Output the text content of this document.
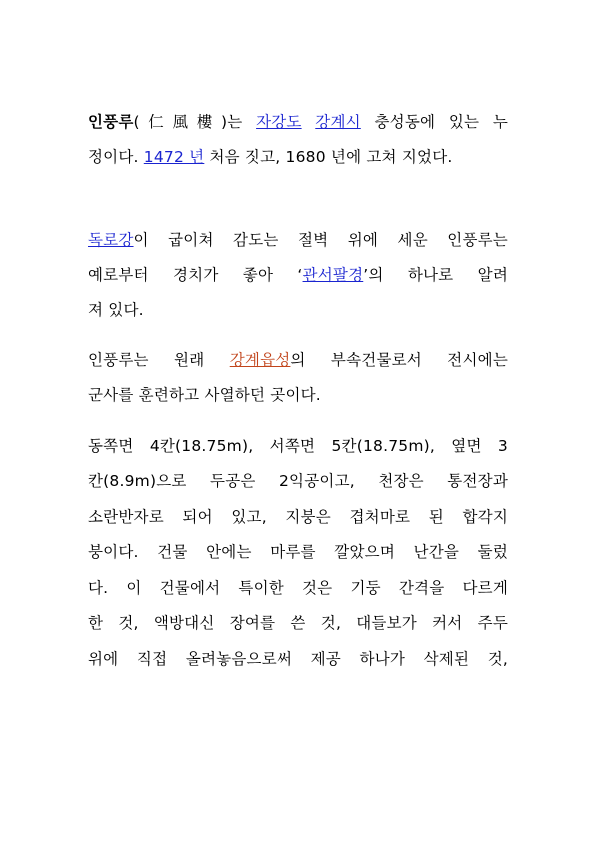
인풍루(仁風樓)는 자강도 강계시 충성동에 있는 누
정이다. 1472 년 처음 짓고, 1680 년에 고쳐 지었다.
독로강이 굽이쳐 감도는 절벽 위에 세운 인풍루는
예로부터 경치가 좋아 ‘관서팔경’의 하나로 알려
져 있다.
인풍루는 원래 강계읍성의 부속건물로서 전시에는
군사를 훈련하고 사열하던 곳이다.
동쪽면 4칸(18.75m), 서쪽면 5칸(18.75m), 옆면 3
칸(8.9m)으로 두공은 2익공이고, 천장은 통전장과
소란반자로 되어 있고, 지붕은 겹처마로 된 합각지
붕이다. 건물 안에는 마루를 깔았으며 난간을 둘렀
다. 이 건물에서 특이한 것은 기둥 간격을 다르게
한 것, 액방대신 장여를 쓴 것, 대들보가 커서 주두
위에 직접 올려놓음으로써 제공 하나가 삭제된 것,
